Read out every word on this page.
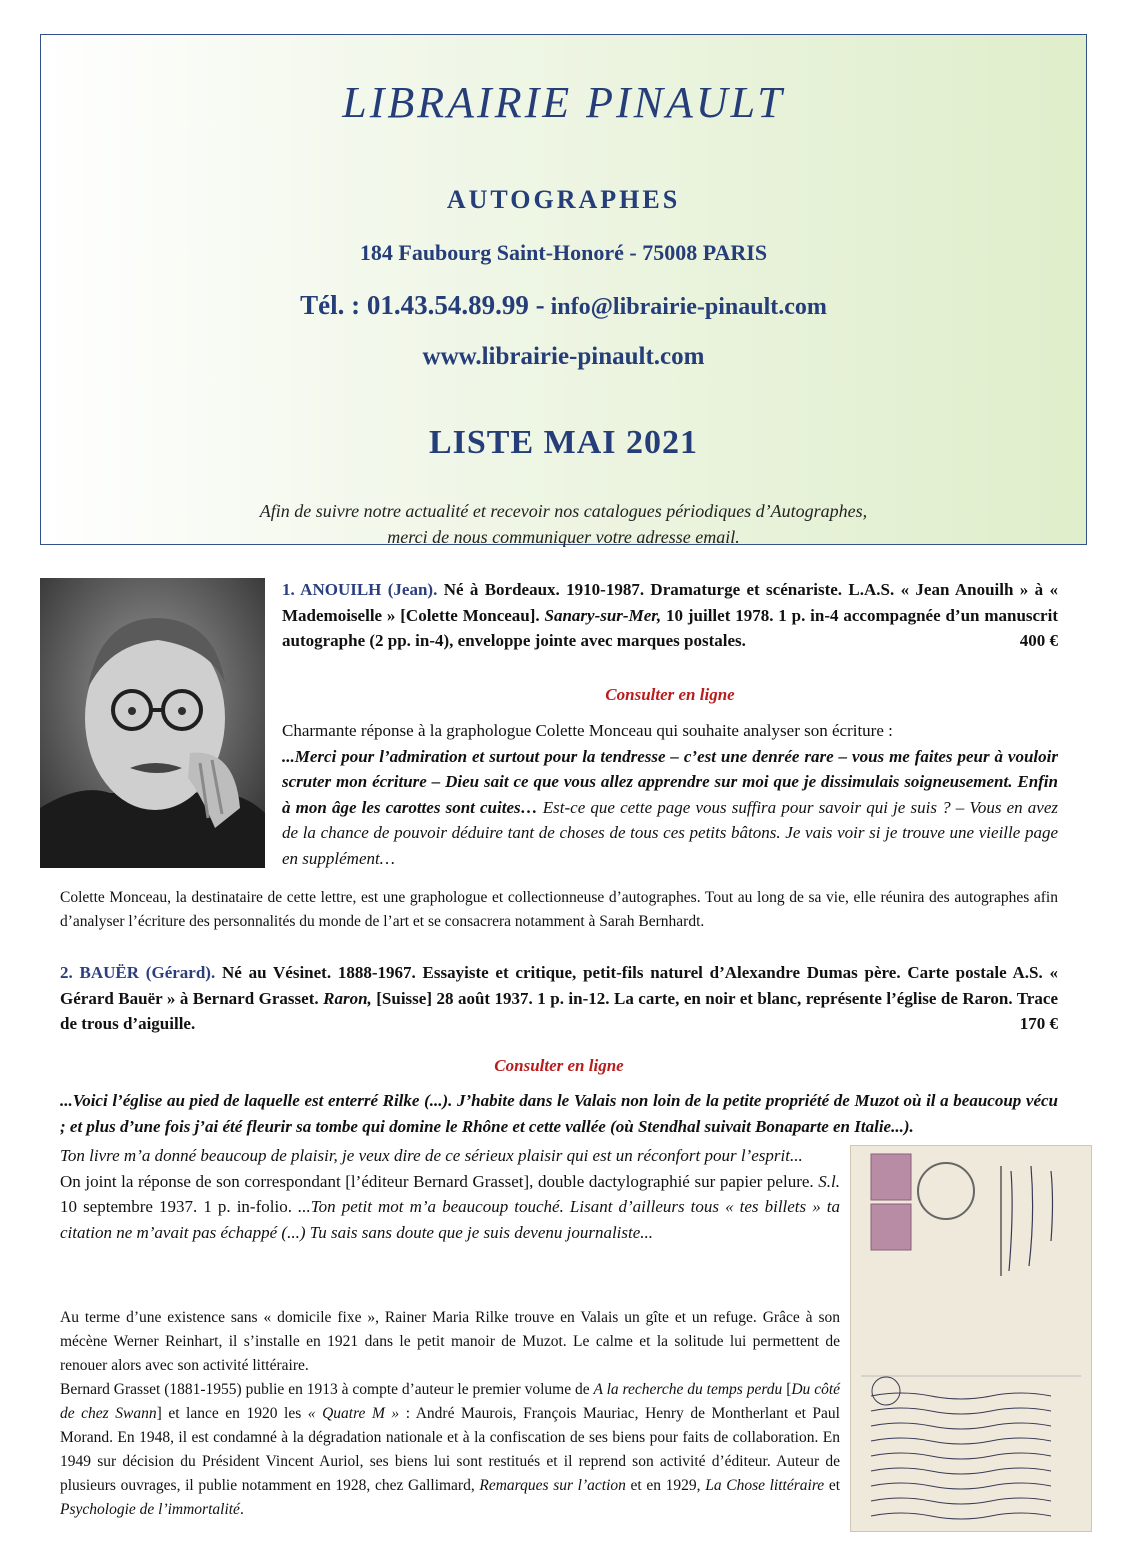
LIBRAIRIE PINAULT
AUTOGRAPHES
184 Faubourg Saint-Honoré - 75008 PARIS
Tél. : 01.43.54.89.99 - info@librairie-pinault.com
www.librairie-pinault.com
LISTE MAI 2021
Afin de suivre notre actualité et recevoir nos catalogues périodiques d’Autographes,
merci de nous communiquer votre adresse email.
1. ANOUILH (Jean). Né à Bordeaux. 1910-1987. Dramaturge et scénariste. L.A.S. « Jean Anouilh » à « Mademoiselle » [Colette Monceau]. Sanary-sur-Mer, 10 juillet 1978. 1 p. in-4 accompagnée d’un manuscrit autographe (2 pp. in-4), enveloppe jointe avec marques postales.	400 €
Consulter en ligne
Charmante réponse à la graphologue Colette Monceau qui souhaite analyser son écriture :
...Merci pour l’admiration et surtout pour la tendresse – c’est une denrée rare – vous me faites peur à vouloir scruter mon écriture – Dieu sait ce que vous allez apprendre sur moi que je dissimulais soigneusement. Enfin à mon âge les carottes sont cuites… Est-ce que cette page vous suffira pour savoir qui je suis ? – Vous en avez de la chance de pouvoir déduire tant de choses de tous ces petits bâtons. Je vais voir si je trouve une vieille page en supplément…
Colette Monceau, la destinataire de cette lettre, est une graphologue et collectionneuse d’autographes. Tout au long de sa vie, elle réunira des autographes afin d’analyser l’écriture des personnalités du monde de l’art et se consacrera notamment à Sarah Bernhardt.
2. BAUËR (Gérard). Né au Vésinet. 1888-1967. Essayiste et critique, petit-fils naturel d’Alexandre Dumas père. Carte postale A.S. « Gérard Bauër » à Bernard Grasset. Raron, [Suisse] 28 août 1937. 1 p. in-12. La carte, en noir et blanc, représente l’église de Raron. Trace de trous d’aiguille.	170 €
Consulter en ligne
...Voici l’église au pied de laquelle est enterré Rilke (...). J’habite dans le Valais non loin de la petite propriété de Muzot où il a beaucoup vécu ; et plus d’une fois j’ai été fleurir sa tombe qui domine le Rhône et cette vallée (où Stendhal suivait Bonaparte en Italie...).
Ton livre m’a donné beaucoup de plaisir, je veux dire de ce sérieux plaisir qui est un réconfort pour l’esprit...
On joint la réponse de son correspondant [l’éditeur Bernard Grasset], double dactylographié sur papier pelure. S.l. 10 septembre 1937. 1 p. in-folio. ...Ton petit mot m’a beaucoup touché. Lisant d’ailleurs tous « tes billets » ta citation ne m’avait pas échappé (...) Tu sais sans doute que je suis devenu journaliste...
Au terme d’une existence sans « domicile fixe », Rainer Maria Rilke trouve en Valais un gîte et un refuge. Grâce à son mécène Werner Reinhart, il s’installe en 1921 dans le petit manoir de Muzot. Le calme et la solitude lui permettent de renouer alors avec son activité littéraire.
Bernard Grasset (1881-1955) publie en 1913 à compte d’auteur le premier volume de A la recherche du temps perdu [Du côté de chez Swann] et lance en 1920 les « Quatre M » : André Maurois, François Mauriac, Henry de Montherlant et Paul Morand. En 1948, il est condamné à la dégradation nationale et à la confiscation de ses biens pour faits de collaboration. En 1949 sur décision du Président Vincent Auriol, ses biens lui sont restitués et il reprend son activité d’éditeur. Auteur de plusieurs ouvrages, il publie notamment en 1928, chez Gallimard, Remarques sur l’action et en 1929, La Chose littéraire et Psychologie de l’immortalité.
